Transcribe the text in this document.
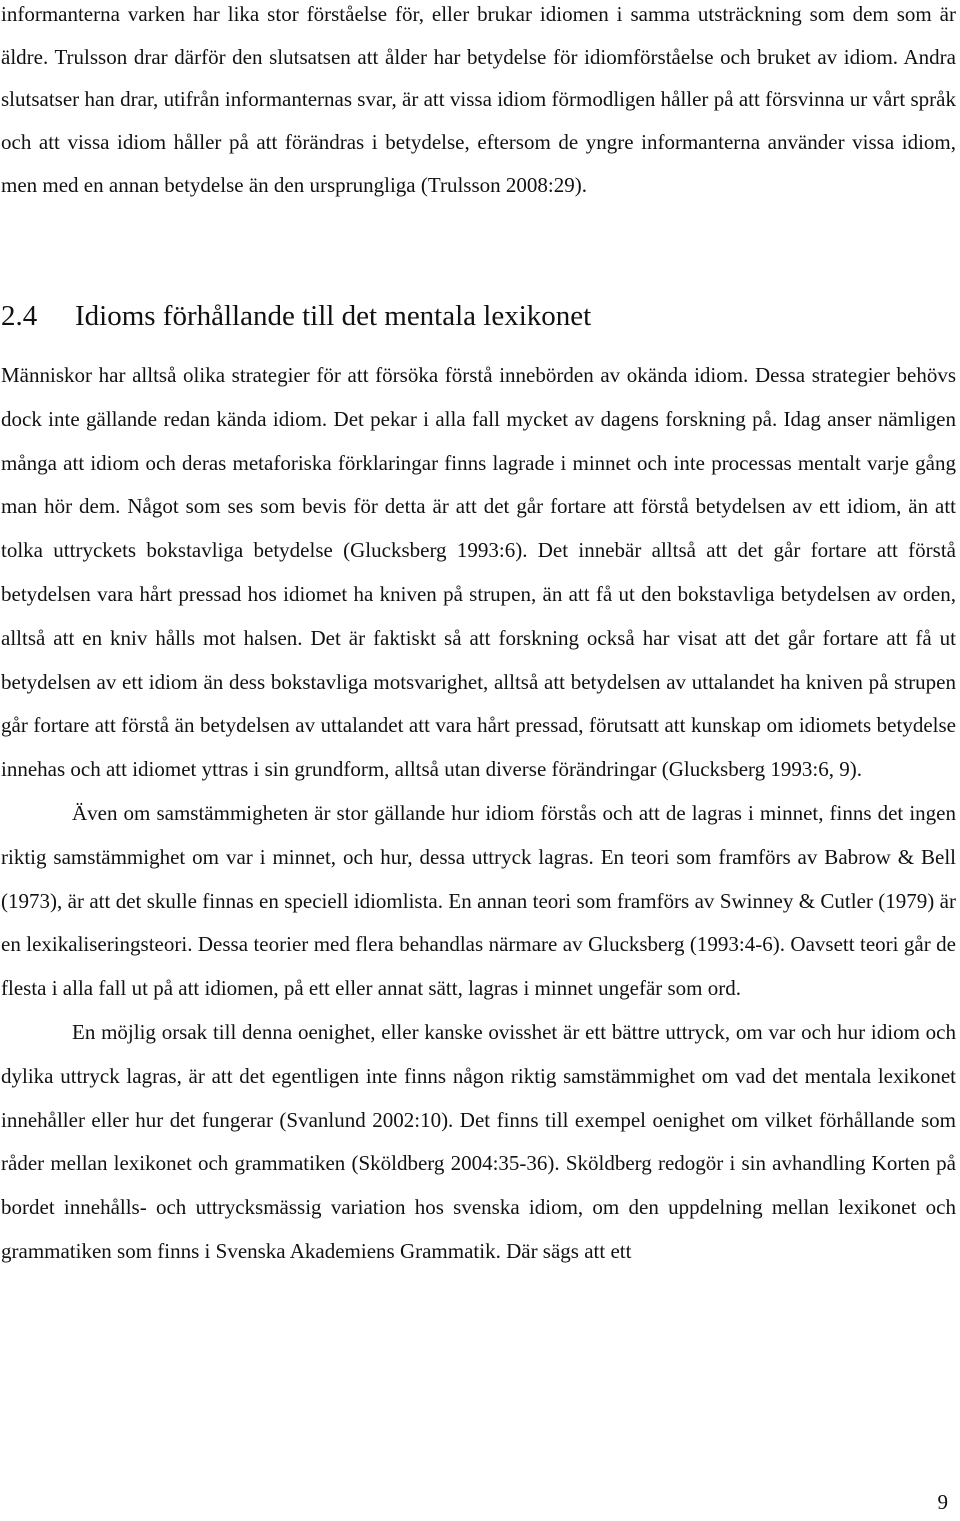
informanterna varken har lika stor förståelse för, eller brukar idiomen i samma utsträckning som dem som är äldre. Trulsson drar därför den slutsatsen att ålder har betydelse för idiomförståelse och bruket av idiom. Andra slutsatser han drar, utifrån informanternas svar, är att vissa idiom förmodligen håller på att försvinna ur vårt språk och att vissa idiom håller på att förändras i betydelse, eftersom de yngre informanterna använder vissa idiom, men med en annan betydelse än den ursprungliga (Trulsson 2008:29).

2.4 Idioms förhållande till det mentala lexikonet

Människor har alltså olika strategier för att försöka förstå innebörden av okända idiom. Dessa strategier behövs dock inte gällande redan kända idiom. Det pekar i alla fall mycket av dagens forskning på. Idag anser nämligen många att idiom och deras metaforiska förklaringar finns lagrade i minnet och inte processas mentalt varje gång man hör dem. Något som ses som bevis för detta är att det går fortare att förstå betydelsen av ett idiom, än att tolka uttryckets bokstavliga betydelse (Glucksberg 1993:6). Det innebär alltså att det går fortare att förstå betydelsen vara hårt pressad hos idiomet ha kniven på strupen, än att få ut den bokstavliga betydelsen av orden, alltså att en kniv hålls mot halsen. Det är faktiskt så att forskning också har visat att det går fortare att få ut betydelsen av ett idiom än dess bokstavliga motsvarighet, alltså att betydelsen av uttalandet ha kniven på strupen går fortare att förstå än betydelsen av uttalandet att vara hårt pressad, förutsatt att kunskap om idiomets betydelse innehas och att idiomet yttras i sin grundform, alltså utan diverse förändringar (Glucksberg 1993:6, 9).

Även om samstämmigheten är stor gällande hur idiom förstås och att de lagras i minnet, finns det ingen riktig samstämmighet om var i minnet, och hur, dessa uttryck lagras. En teori som framförs av Babrow & Bell (1973), är att det skulle finnas en speciell idiomlista. En annan teori som framförs av Swinney & Cutler (1979) är en lexikaliseringsteori. Dessa teorier med flera behandlas närmare av Glucksberg (1993:4-6). Oavsett teori går de flesta i alla fall ut på att idiomen, på ett eller annat sätt, lagras i minnet ungefär som ord.

En möjlig orsak till denna oenighet, eller kanske ovisshet är ett bättre uttryck, om var och hur idiom och dylika uttryck lagras, är att det egentligen inte finns någon riktig samstämmighet om vad det mentala lexikonet innehåller eller hur det fungerar (Svanlund 2002:10). Det finns till exempel oenighet om vilket förhållande som råder mellan lexikonet och grammatiken (Sköldberg 2004:35-36). Sköldberg redogör i sin avhandling Korten på bordet innehålls- och uttrycksmässig variation hos svenska idiom, om den uppdelning mellan lexikonet och grammatiken som finns i Svenska Akademiens Grammatik. Där sägs att ett

9
